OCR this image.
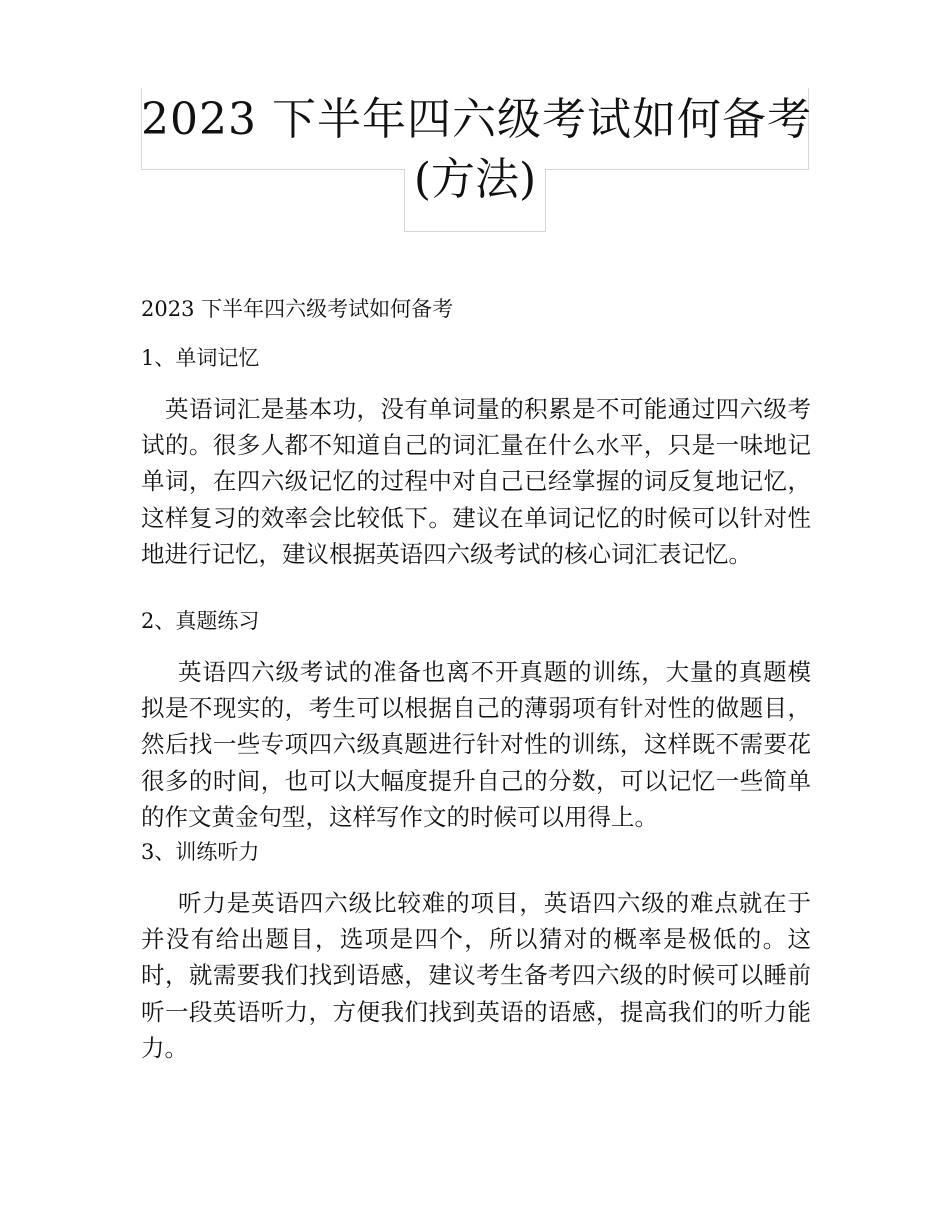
2023 下半年四六级考试如何备考
(方法)
2023 下半年四六级考试如何备考
1、单词记忆

英语词汇是基本功，没有单词量的积累是不可能通过四六级考试的。很多人都不知道自己的词汇量在什么水平，只是一味地记单词，在四六级记忆的过程中对自己已经掌握的词反复地记忆，这样复习的效率会比较低下。建议在单词记忆的时候可以针对性地进行记忆，建议根据英语四六级考试的核心词汇表记忆。

2、真题练习

英语四六级考试的准备也离不开真题的训练，大量的真题模拟是不现实的，考生可以根据自己的薄弱项有针对性的做题目，然后找一些专项四六级真题进行针对性的训练，这样既不需要花很多的时间，也可以大幅度提升自己的分数，可以记忆一些简单的作文黄金句型，这样写作文的时候可以用得上。

3、训练听力

听力是英语四六级比较难的项目，英语四六级的难点就在于并没有给出题目，选项是四个，所以猜对的概率是极低的。这时，就需要我们找到语感，建议考生备考四六级的时候可以睡前听一段英语听力，方便我们找到英语的语感，提高我们的听力能力。
